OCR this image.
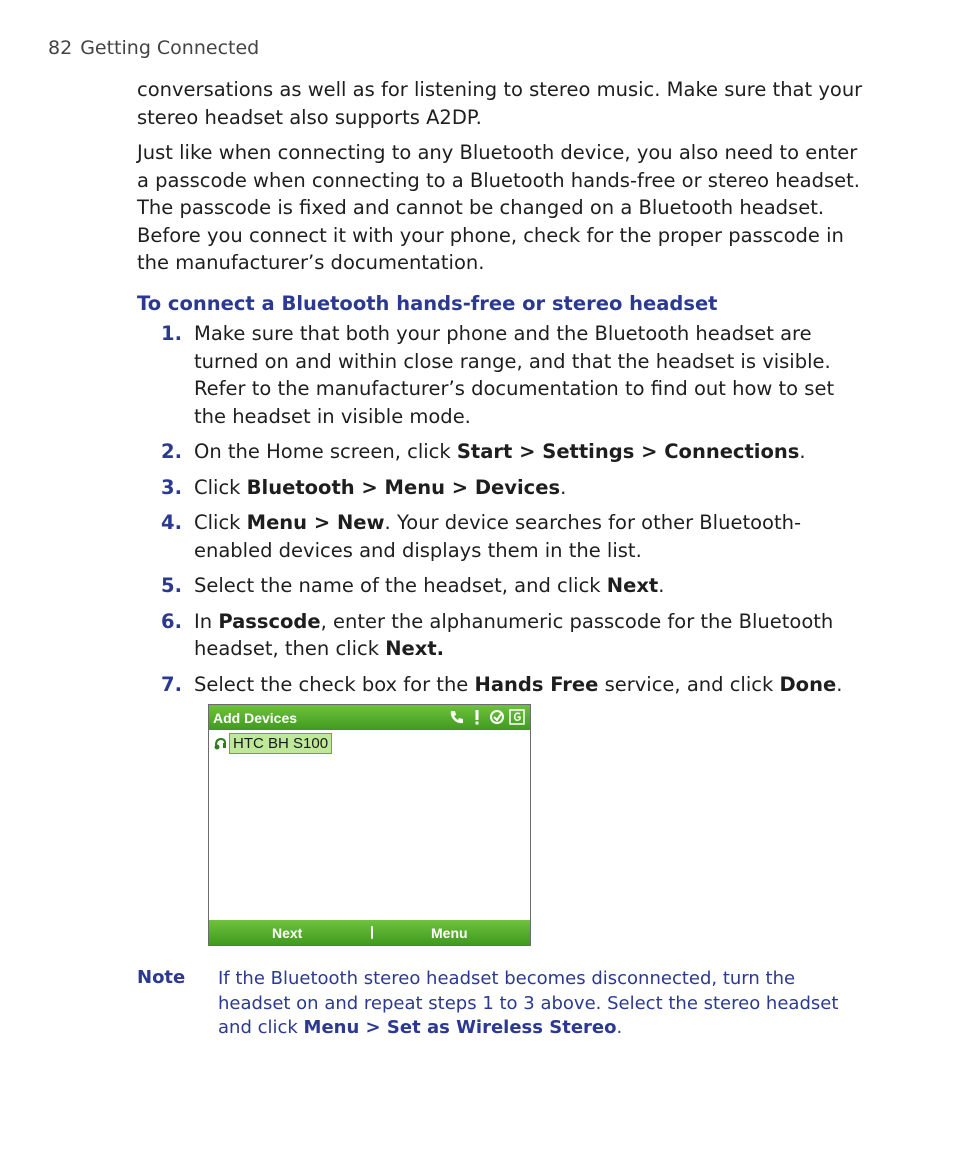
82 Getting Connected
conversations as well as for listening to stereo music. Make sure that your stereo headset also supports A2DP.
Just like when connecting to any Bluetooth device, you also need to enter a passcode when connecting to a Bluetooth hands-free or stereo headset. The passcode is fixed and cannot be changed on a Bluetooth headset. Before you connect it with your phone, check for the proper passcode in the manufacturer’s documentation.
To connect a Bluetooth hands-free or stereo headset
1. Make sure that both your phone and the Bluetooth headset are turned on and within close range, and that the headset is visible. Refer to the manufacturer’s documentation to ﬁnd out how to set the headset in visible mode.
2. On the Home screen, click Start > Settings > Connections.
3. Click Bluetooth > Menu > Devices.
4. Click Menu > New. Your device searches for other Bluetooth-enabled devices and displays them in the list.
5. Select the name of the headset, and click Next.
6. In Passcode, enter the alphanumeric passcode for the Bluetooth headset, then click Next.
7. Select the check box for the Hands Free service, and click Done.
Add Devices
HTC BH S100
Next	Menu
Note If the Bluetooth stereo headset becomes disconnected, turn the headset on and repeat steps 1 to 3 above. Select the stereo headset and click Menu > Set as Wireless Stereo.
